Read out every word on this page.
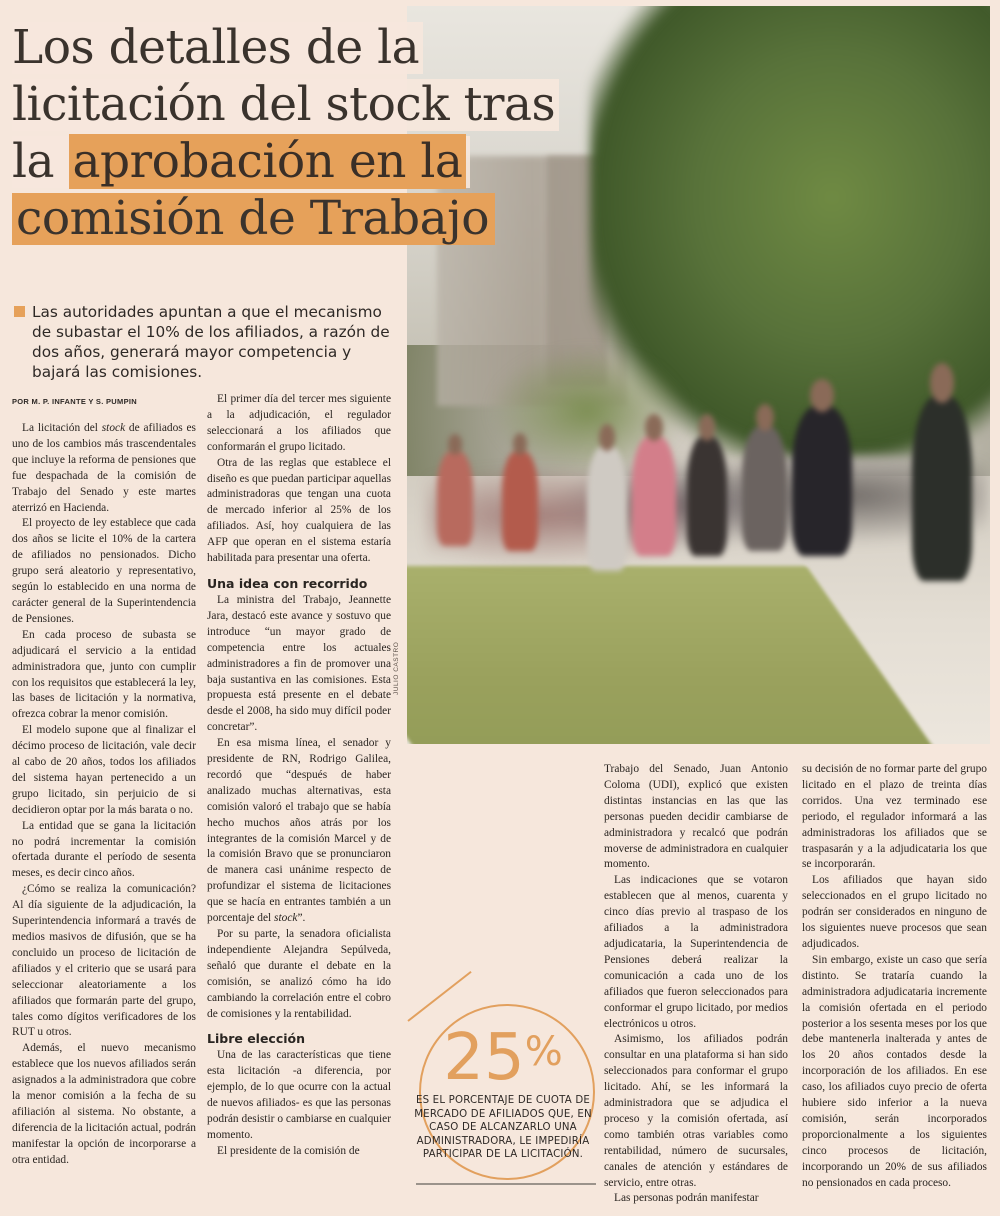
JULIO CASTRO
Los detalles de la
licitación del stock tras
la aprobación en la
comisión de Trabajo
Las autoridades apuntan a que el mecanismo de subastar el 10% de los afiliados, a razón de dos años, generará mayor competencia y bajará las comisiones.
POR M. P. INFANTE Y S. PUMPIN

La licitación del stock de afiliados es uno de los cambios más trascendentales que incluye la reforma de pensiones que fue despachada de la comisión de Trabajo del Senado y este martes aterrizó en Hacienda.

El proyecto de ley establece que cada dos años se licite el 10% de la cartera de afiliados no pensionados. Dicho grupo será aleatorio y representativo, según lo establecido en una norma de carácter general de la Superintendencia de Pensiones.

En cada proceso de subasta se adjudicará el servicio a la entidad administradora que, junto con cumplir con los requisitos que establecerá la ley, las bases de licitación y la normativa, ofrezca cobrar la menor comisión.

El modelo supone que al finalizar el décimo proceso de licitación, vale decir al cabo de 20 años, todos los afiliados del sistema hayan pertenecido a un grupo licitado, sin perjuicio de si decidieron optar por la más barata o no.

La entidad que se gana la licitación no podrá incrementar la comisión ofertada durante el período de sesenta meses, es decir cinco años.

¿Cómo se realiza la comunicación? Al día siguiente de la adjudicación, la Superintendencia informará a través de medios masivos de difusión, que se ha concluido un proceso de licitación de afiliados y el criterio que se usará para seleccionar aleatoriamente a los afiliados que formarán parte del grupo, tales como dígitos verificadores de los RUT u otros.

Además, el nuevo mecanismo establece que los nuevos afiliados serán asignados a la administradora que cobre la menor comisión a la fecha de su afiliación al sistema. No obstante, a diferencia de la licitación actual, podrán manifestar la opción de incorporarse a otra entidad.

El primer día del tercer mes siguiente a la adjudicación, el regulador seleccionará a los afiliados que conformarán el grupo licitado.

Otra de las reglas que establece el diseño es que puedan participar aquellas administradoras que tengan una cuota de mercado inferior al 25% de los afiliados. Así, hoy cualquiera de las AFP que operan en el sistema estaría habilitada para presentar una oferta.

Una idea con recorrido

La ministra del Trabajo, Jeannette Jara, destacó este avance y sostuvo que introduce “un mayor grado de competencia entre los actuales administradores a fin de promover una baja sustantiva en las comisiones. Esta propuesta está presente en el debate desde el 2008, ha sido muy difícil poder concretar”.

En esa misma línea, el senador y presidente de RN, Rodrigo Galilea, recordó que “después de haber analizado muchas alternativas, esta comisión valoró el trabajo que se había hecho muchos años atrás por los integrantes de la comisión Marcel y de la comisión Bravo que se pronunciaron de manera casi unánime respecto de profundizar el sistema de licitaciones que se hacía en entrantes también a un porcentaje del stock”.

Por su parte, la senadora oficialista independiente Alejandra Sepúlveda, señaló que durante el debate en la comisión, se analizó cómo ha ido cambiando la correlación entre el cobro de comisiones y la rentabilidad.

Libre elección

Una de las características que tiene esta licitación -a diferencia, por ejemplo, de lo que ocurre con la actual de nuevos afiliados- es que las personas podrán desistir o cambiarse en cualquier momento.

El presidente de la comisión de

25%
ES EL PORCENTAJE DE CUOTA DE MERCADO DE AFILIADOS QUE, EN CASO DE ALCANZARLO UNA ADMINISTRADORA, LE IMPEDIRÍA PARTICIPAR DE LA LICITACIÓN.

Trabajo del Senado, Juan Antonio Coloma (UDI), explicó que existen distintas instancias en las que las personas pueden decidir cambiarse de administradora y recalcó que podrán moverse de administradora en cualquier momento.

Las indicaciones que se votaron establecen que al menos, cuarenta y cinco días previo al traspaso de los afiliados a la administradora adjudicataria, la Superintendencia de Pensiones deberá realizar la comunicación a cada uno de los afiliados que fueron seleccionados para conformar el grupo licitado, por medios electrónicos u otros.

Asimismo, los afiliados podrán consultar en una plataforma si han sido seleccionados para conformar el grupo licitado. Ahí, se les informará la administradora que se adjudica el proceso y la comisión ofertada, así como también otras variables como rentabilidad, número de sucursales, canales de atención y estándares de servicio, entre otras.

Las personas podrán manifestar

su decisión de no formar parte del grupo licitado en el plazo de treinta días corridos. Una vez terminado ese periodo, el regulador informará a las administradoras los afiliados que se traspasarán y a la adjudicataria los que se incorporarán.

Los afiliados que hayan sido seleccionados en el grupo licitado no podrán ser considerados en ninguno de los siguientes nueve procesos que sean adjudicados.

Sin embargo, existe un caso que sería distinto. Se trataría cuando la administradora adjudicataria incremente la comisión ofertada en el periodo posterior a los sesenta meses por los que debe mantenerla inalterada y antes de los 20 años contados desde la incorporación de los afiliados. En ese caso, los afiliados cuyo precio de oferta hubiere sido inferior a la nueva comisión, serán incorporados proporcionalmente a los siguientes cinco procesos de licitación, incorporando un 20% de sus afiliados no pensionados en cada proceso.
